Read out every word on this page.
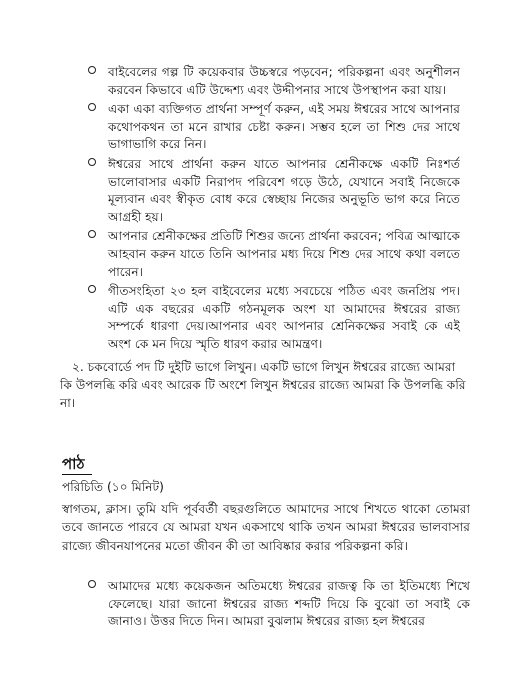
বাইবেলের গল্প টি কয়েকবার উচ্চস্বরে পড়বেন; পরিকল্পনা এবং অনুশীলন করবেন কিভাবে এটি উদ্দেশ্য এবং উদ্দীপনার সাথে উপস্থাপন করা যায়।
একা একা ব্যক্তিগত প্রার্থনা সম্পূর্ণ করুন, এই সময় ঈশ্বরের সাথে আপনার কথোপকথন তা মনে রাখার চেষ্টা করুন। সম্ভব হলে তা শিশু দের সাথে ভাগাভাগি করে নিন।
ঈশ্বরের সাথে প্রার্থনা করুন যাতে আপনার শ্রেনীকক্ষে একটি নিঃশর্ত ভালোবাসার একটি নিরাপদ পরিবেশ গড়ে উঠে, যেখানে সবাই নিজেকে মূল্যবান এবং স্বীকৃত বোধ করে স্বেচ্ছায় নিজের অনুভূতি ভাগ করে নিতে আগ্রহী হয়।
আপনার শ্রেনীকক্ষের প্রতিটি শিশুর জন্যে প্রার্থনা করবেন; পবিত্র আত্মাকে আহবান করুন যাতে তিনি আপনার মধ্য দিয়ে শিশু দের সাথে কথা বলতে পারেন।
গীতসংহিতা ২৩ হল বাইবেলের মধ্যে সবচেয়ে পঠিত এবং জনপ্রিয় পদ। এটি এক বছরের একটি গঠনমূলক অংশ যা আমাদের ঈশ্বরের রাজ্য সম্পর্কে ধারণা দেয়।আপনার এবং আপনার শ্রেনিকক্ষের সবাই কে এই অংশ কে মন দিয়ে স্মৃতি ধারণ করার আমন্ত্রণ।
২. চকবোর্ডে পদ টি দুইটি ভাগে লিখুন। একটি ভাগে লিখুন ঈশ্বরের রাজ্যে আমরা কি উপলব্ধি করি এবং আরেক টি অংশে লিখুন ঈশ্বরের রাজ্যে আমরা কি উপলব্ধি করি না।
পাঠ
পরিচিতি (১০ মিনিট)
স্বাগতম, ক্লাস। তুমি যদি পূর্ববর্তী বছরগুলিতে আমাদের সাথে শিখতে থাকো তোমরা তবে জানতে পারবে যে আমরা যখন একসাথে থাকি তখন আমরা ঈশ্বরের ভালবাসার রাজ্যে জীবনযাপনের মতো জীবন কী তা আবিষ্কার করার পরিকল্পনা করি।
আমাদের মধ্যে কয়েকজন অতিমধ্যে ঈশ্বরের রাজত্ব কি তা ইতিমধ্যে শিখে ফেলেছে। যারা জানো ঈশ্বরের রাজ্য শব্দটি দিয়ে কি বুঝো তা সবাই কে জানাও। উত্তর দিতে দিন। আমরা বুঝলাম ঈশ্বরের রাজ্য হল ঈশ্বরের
